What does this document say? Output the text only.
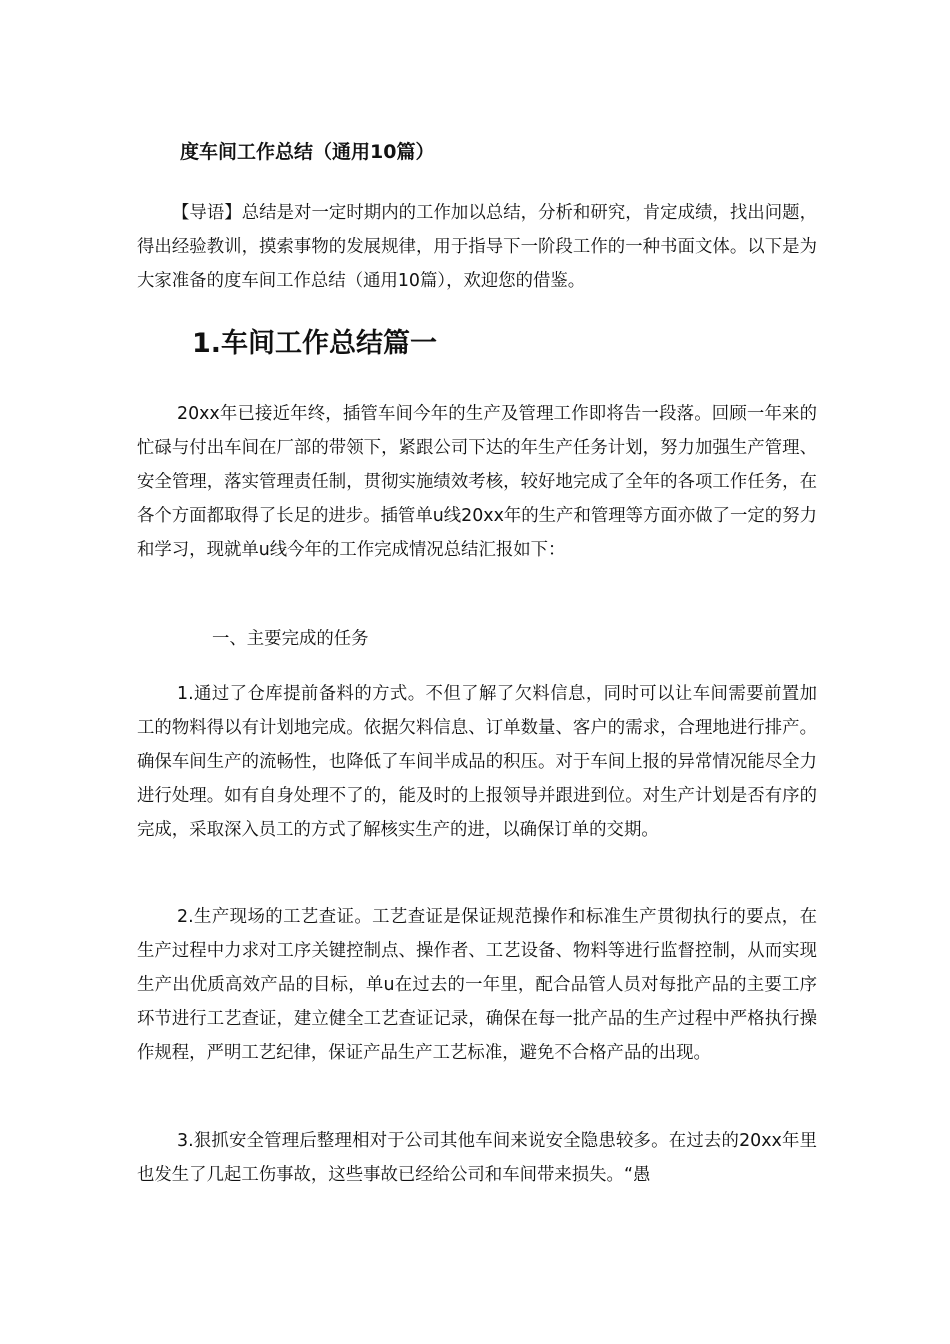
度车间工作总结（通用10篇）

【导语】总结是对一定时期内的工作加以总结，分析和研究，肯定成绩，找出问题，得出经验教训，摸索事物的发展规律，用于指导下一阶段工作的一种书面文体。以下是为大家准备的度车间工作总结（通用10篇），欢迎您的借鉴。

1.车间工作总结篇一

20xx年已接近年终，插管车间今年的生产及管理工作即将告一段落。回顾一年来的忙碌与付出车间在厂部的带领下，紧跟公司下达的年生产任务计划，努力加强生产管理、安全管理，落实管理责任制，贯彻实施绩效考核，较好地完成了全年的各项工作任务，在各个方面都取得了长足的进步。插管单u线20xx年的生产和管理等方面亦做了一定的努力和学习，现就单u线今年的工作完成情况总结汇报如下：

一、主要完成的任务

1.通过了仓库提前备料的方式。不但了解了欠料信息，同时可以让车间需要前置加工的物料得以有计划地完成。依据欠料信息、订单数量、客户的需求，合理地进行排产。确保车间生产的流畅性，也降低了车间半成品的积压。对于车间上报的异常情况能尽全力进行处理。如有自身处理不了的，能及时的上报领导并跟进到位。对生产计划是否有序的完成，采取深入员工的方式了解核实生产的进，以确保订单的交期。

2.生产现场的工艺查证。工艺查证是保证规范操作和标准生产贯彻执行的要点，在生产过程中力求对工序关键控制点、操作者、工艺设备、物料等进行监督控制，从而实现生产出优质高效产品的目标，单u在过去的一年里，配合品管人员对每批产品的主要工序环节进行工艺查证，建立健全工艺查证记录，确保在每一批产品的生产过程中严格执行操作规程，严明工艺纪律，保证产品生产工艺标准，避免不合格产品的出现。

3.狠抓安全管理后整理相对于公司其他车间来说安全隐患较多。在过去的20xx年里也发生了几起工伤事故，这些事故已经给公司和车间带来损失。“愚
